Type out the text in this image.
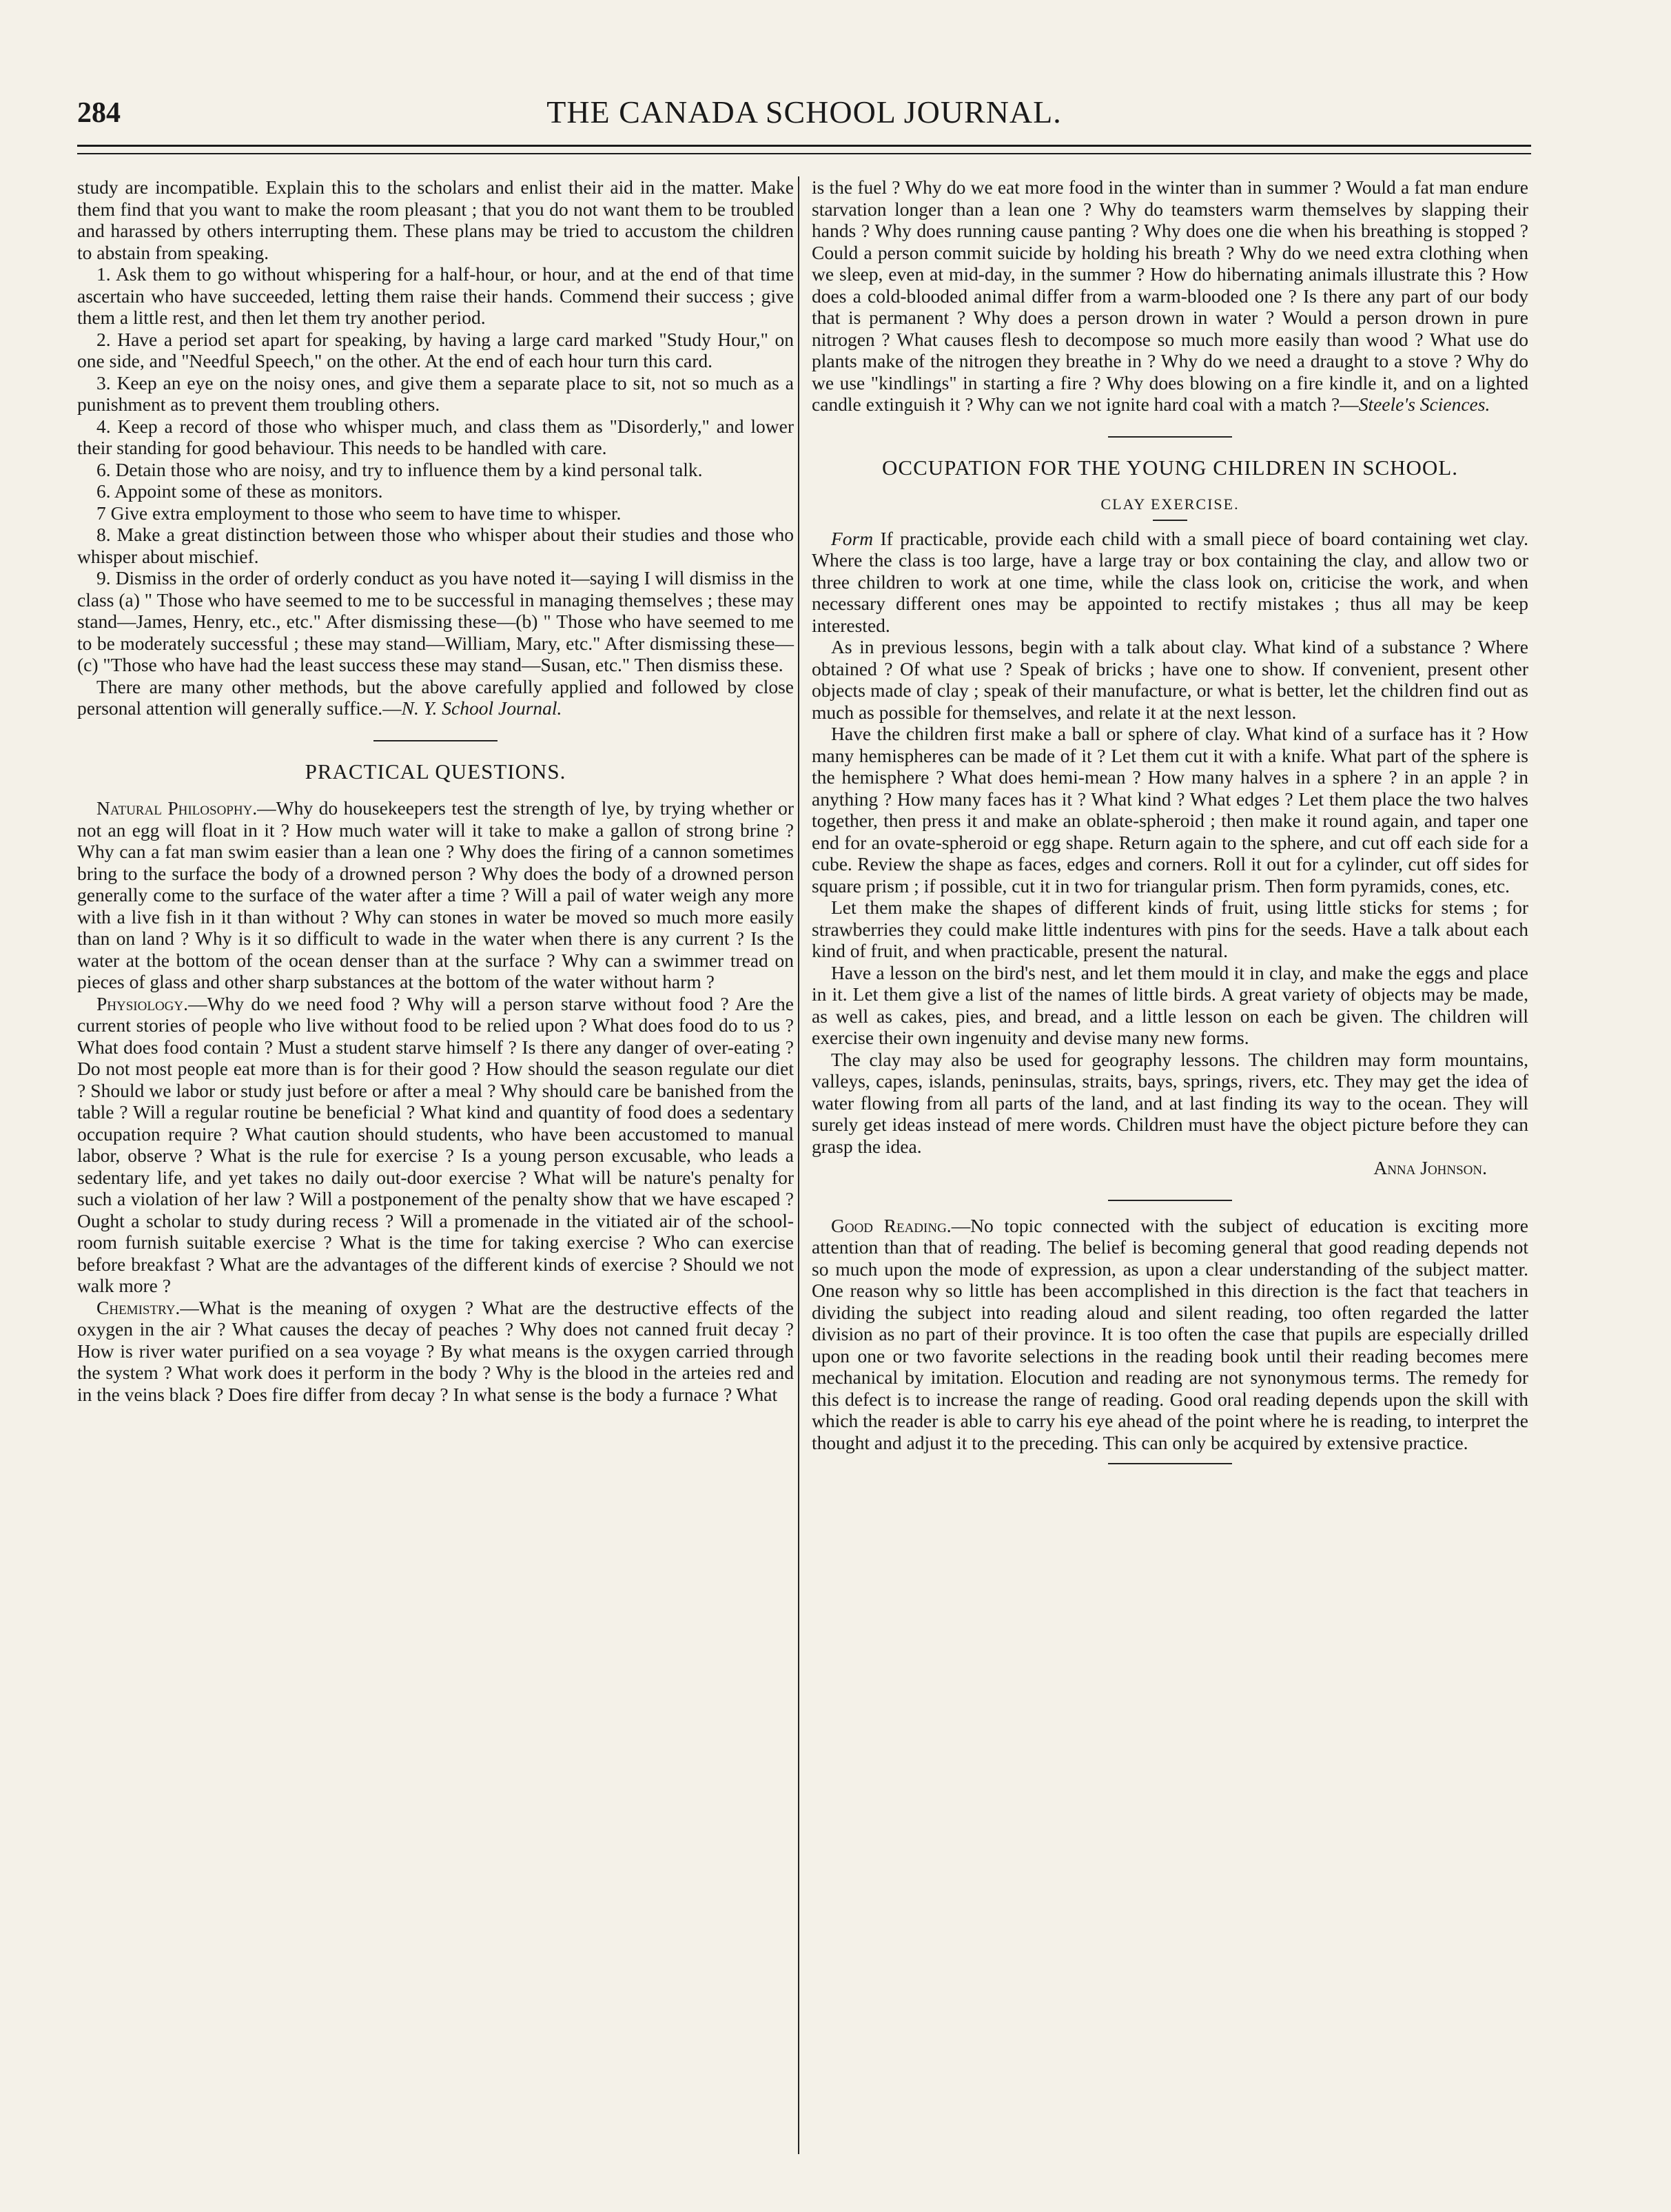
284	THE CANADA SCHOOL JOURNAL.

study are incompatible. Explain this to the scholars and enlist their aid in the matter. Make them find that you want to make the room pleasant ; that you do not want them to be troubled and harassed by others interrupting them. These plans may be tried to accustom the children to abstain from speaking.

1. Ask them to go without whispering for a half-hour, or hour, and at the end of that time ascertain who have succeeded, letting them raise their hands. Commend their success ; give them a little rest, and then let them try another period.

2. Have a period set apart for speaking, by having a large card marked "Study Hour," on one side, and "Needful Speech," on the other. At the end of each hour turn this card.

3. Keep an eye on the noisy ones, and give them a separate place to sit, not so much as a punishment as to prevent them troubling others.

4. Keep a record of those who whisper much, and class them as "Disorderly," and lower their standing for good behaviour. This needs to be handled with care.

6. Detain those who are noisy, and try to influence them by a kind personal talk.

6. Appoint some of these as monitors.

7 Give extra employment to those who seem to have time to whisper.

8. Make a great distinction between those who whisper about their studies and those who whisper about mischief.

9. Dismiss in the order of orderly conduct as you have noted it—saying I will dismiss in the class (a) " Those who have seemed to me to be successful in managing themselves ; these may stand—James, Henry, etc., etc." After dismissing these—(b) " Those who have seemed to me to be moderately successful ; these may stand—William, Mary, etc." After dismissing these—(c) "Those who have had the least success these may stand—Susan, etc." Then dismiss these.

There are many other methods, but the above carefully applied and followed by close personal attention will generally suffice.—N. Y. School Journal.

PRACTICAL QUESTIONS.

Natural Philosophy.—Why do housekeepers test the strength of lye, by trying whether or not an egg will float in it ? How much water will it take to make a gallon of strong brine ? Why can a fat man swim easier than a lean one ? Why does the firing of a cannon sometimes bring to the surface the body of a drowned person ? Why does the body of a drowned person generally come to the surface of the water after a time ? Will a pail of water weigh any more with a live fish in it than without ? Why can stones in water be moved so much more easily than on land ? Why is it so difficult to wade in the water when there is any current ? Is the water at the bottom of the ocean denser than at the surface ? Why can a swimmer tread on pieces of glass and other sharp substances at the bottom of the water without harm ?

Physiology.—Why do we need food ? Why will a person starve without food ? Are the current stories of people who live without food to be relied upon ? What does food do to us ? What does food contain ? Must a student starve himself ? Is there any danger of over-eating ? Do not most people eat more than is for their good ? How should the season regulate our diet ? Should we labor or study just before or after a meal ? Why should care be banished from the table ? Will a regular routine be beneficial ? What kind and quantity of food does a sedentary occupation require ? What caution should students, who have been accustomed to manual labor, observe ? What is the rule for exercise ? Is a young person excusable, who leads a sedentary life, and yet takes no daily out-door exercise ? What will be nature's penalty for such a violation of her law ? Will a postponement of the penalty show that we have escaped ? Ought a scholar to study during recess ? Will a promenade in the vitiated air of the school-room furnish suitable exercise ? What is the time for taking exercise ? Who can exercise before breakfast ? What are the advantages of the different kinds of exercise ? Should we not walk more ?

Chemistry.—What is the meaning of oxygen ? What are the destructive effects of the oxygen in the air ? What causes the decay of peaches ? Why does not canned fruit decay ? How is river water purified on a sea voyage ? By what means is the oxygen carried through the system ? What work does it perform in the body ? Why is the blood in the arteies red and in the veins black ? Does fire differ from decay ? In what sense is the body a furnace ? What

is the fuel ? Why do we eat more food in the winter than in summer ? Would a fat man endure starvation longer than a lean one ? Why do teamsters warm themselves by slapping their hands ? Why does running cause panting ? Why does one die when his breathing is stopped ? Could a person commit suicide by holding his breath ? Why do we need extra clothing when we sleep, even at mid-day, in the summer ? How do hibernating animals illustrate this ? How does a cold-blooded animal differ from a warm-blooded one ? Is there any part of our body that is permanent ? Why does a person drown in water ? Would a person drown in pure nitrogen ? What causes flesh to decompose so much more easily than wood ? What use do plants make of the nitrogen they breathe in ? Why do we need a draught to a stove ? Why do we use "kindlings" in starting a fire ? Why does blowing on a fire kindle it, and on a lighted candle extinguish it ? Why can we not ignite hard coal with a match ?—Steele's Sciences.

OCCUPATION FOR THE YOUNG CHILDREN IN SCHOOL.
CLAY EXERCISE.

Form If practicable, provide each child with a small piece of board containing wet clay. Where the class is too large, have a large tray or box containing the clay, and allow two or three children to work at one time, while the class look on, criticise the work, and when necessary different ones may be appointed to rectify mistakes ; thus all may be keep interested.

As in previous lessons, begin with a talk about clay. What kind of a substance ? Where obtained ? Of what use ? Speak of bricks ; have one to show. If convenient, present other objects made of clay ; speak of their manufacture, or what is better, let the children find out as much as possible for themselves, and relate it at the next lesson.

Have the children first make a ball or sphere of clay. What kind of a surface has it ? How many hemispheres can be made of it ? Let them cut it with a knife. What part of the sphere is the hemisphere ? What does hemi-mean ? How many halves in a sphere ? in an apple ? in anything ? How many faces has it ? What kind ? What edges ? Let them place the two halves together, then press it and make an oblate-spheroid ; then make it round again, and taper one end for an ovate-spheroid or egg shape. Return again to the sphere, and cut off each side for a cube. Review the shape as faces, edges and corners. Roll it out for a cylinder, cut off sides for square prism ; if possible, cut it in two for triangular prism. Then form pyramids, cones, etc.

Let them make the shapes of different kinds of fruit, using little sticks for stems ; for strawberries they could make little indentures with pins for the seeds. Have a talk about each kind of fruit, and when practicable, present the natural.

Have a lesson on the bird's nest, and let them mould it in clay, and make the eggs and place in it. Let them give a list of the names of little birds. A great variety of objects may be made, as well as cakes, pies, and bread, and a little lesson on each be given. The children will exercise their own ingenuity and devise many new forms.

The clay may also be used for geography lessons. The children may form mountains, valleys, capes, islands, peninsulas, straits, bays, springs, rivers, etc. They may get the idea of water flowing from all parts of the land, and at last finding its way to the ocean. They will surely get ideas instead of mere words. Children must have the object picture before they can grasp the idea.

Anna Johnson.

Good Reading.—No topic connected with the subject of education is exciting more attention than that of reading. The belief is becoming general that good reading depends not so much upon the mode of expression, as upon a clear understanding of the subject matter. One reason why so little has been accomplished in this direction is the fact that teachers in dividing the subject into reading aloud and silent reading, too often regarded the latter division as no part of their province. It is too often the case that pupils are especially drilled upon one or two favorite selections in the reading book until their reading becomes mere mechanical by imitation. Elocution and reading are not synonymous terms. The remedy for this defect is to increase the range of reading. Good oral reading depends upon the skill with which the reader is able to carry his eye ahead of the point where he is reading, to interpret the thought and adjust it to the preceding. This can only be acquired by extensive practice.
